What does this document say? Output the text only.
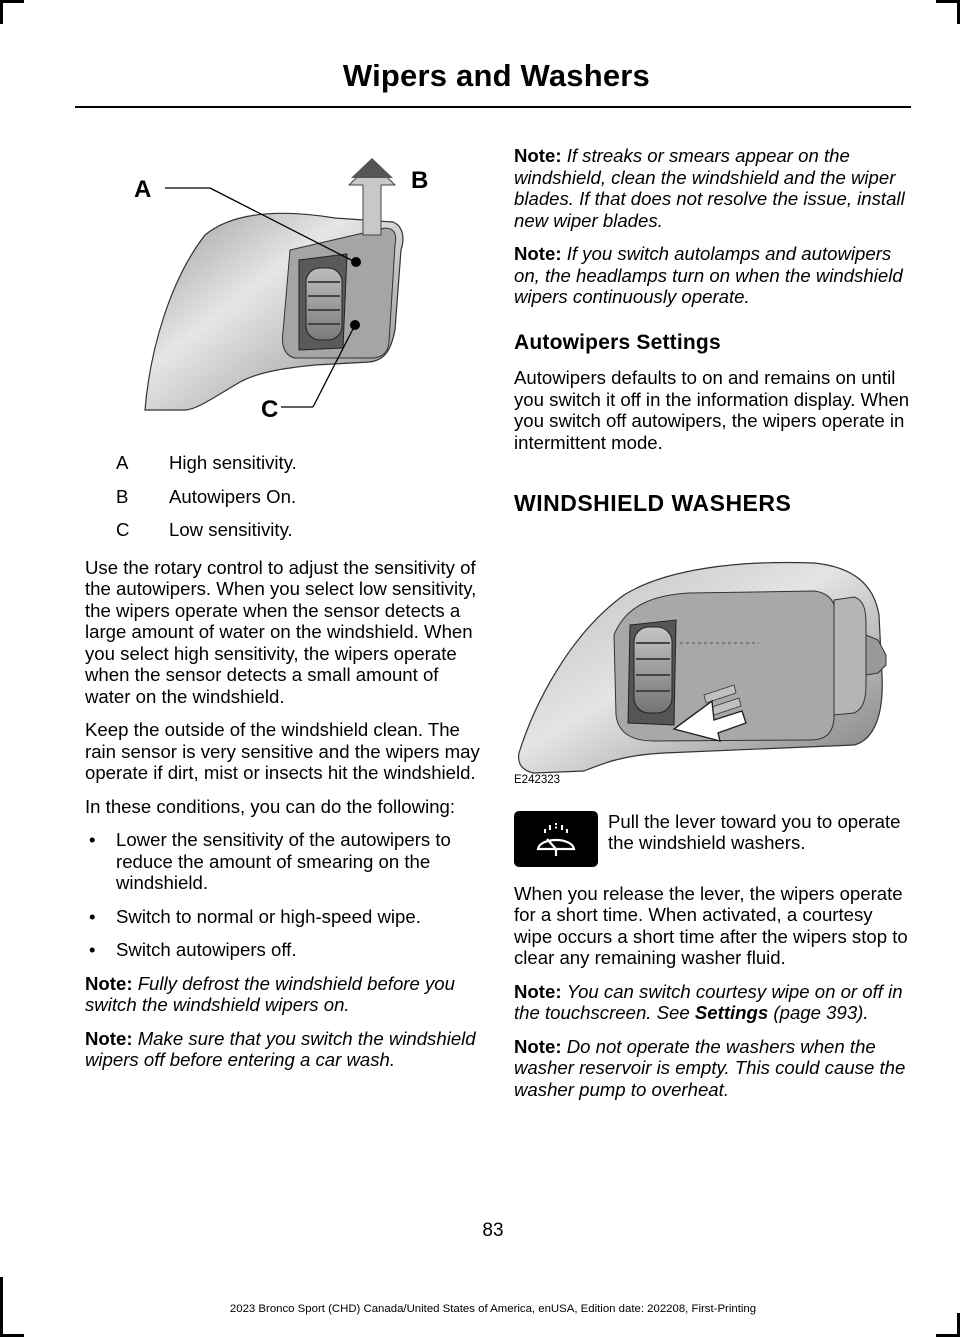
Wipers and Washers
A	B
C
A	High sensitivity.
B	Autowipers On.
C	Low sensitivity.

Use the rotary control to adjust the sensitivity of the autowipers. When you select low sensitivity, the wipers operate when the sensor detects a large amount of water on the windshield. When you select high sensitivity, the wipers operate when the sensor detects a small amount of water on the windshield.

Keep the outside of the windshield clean. The rain sensor is very sensitive and the wipers may operate if dirt, mist or insects hit the windshield.

In these conditions, you can do the following:

•	Lower the sensitivity of the autowipers to reduce the amount of smearing on the windshield.
•	Switch to normal or high-speed wipe.
•	Switch autowipers off.

Note: Fully defrost the windshield before you switch the windshield wipers on.

Note: Make sure that you switch the windshield wipers off before entering a car wash.

Note: If streaks or smears appear on the windshield, clean the windshield and the wiper blades. If that does not resolve the issue, install new wiper blades.

Note: If you switch autolamps and autowipers on, the headlamps turn on when the windshield wipers continuously operate.

Autowipers Settings

Autowipers defaults to on and remains on until you switch it off in the information display. When you switch off autowipers, the wipers operate in intermittent mode.

WINDSHIELD WASHERS
E242323
Pull the lever toward you to operate the windshield washers.

When you release the lever, the wipers operate for a short time. When activated, a courtesy wipe occurs a short time after the wipers stop to clear any remaining washer fluid.

Note: You can switch courtesy wipe on or off in the touchscreen. See Settings (page 393).

Note: Do not operate the washers when the washer reservoir is empty. This could cause the washer pump to overheat.

83
2023 Bronco Sport (CHD) Canada/United States of America, enUSA, Edition date: 202208, First-Printing
